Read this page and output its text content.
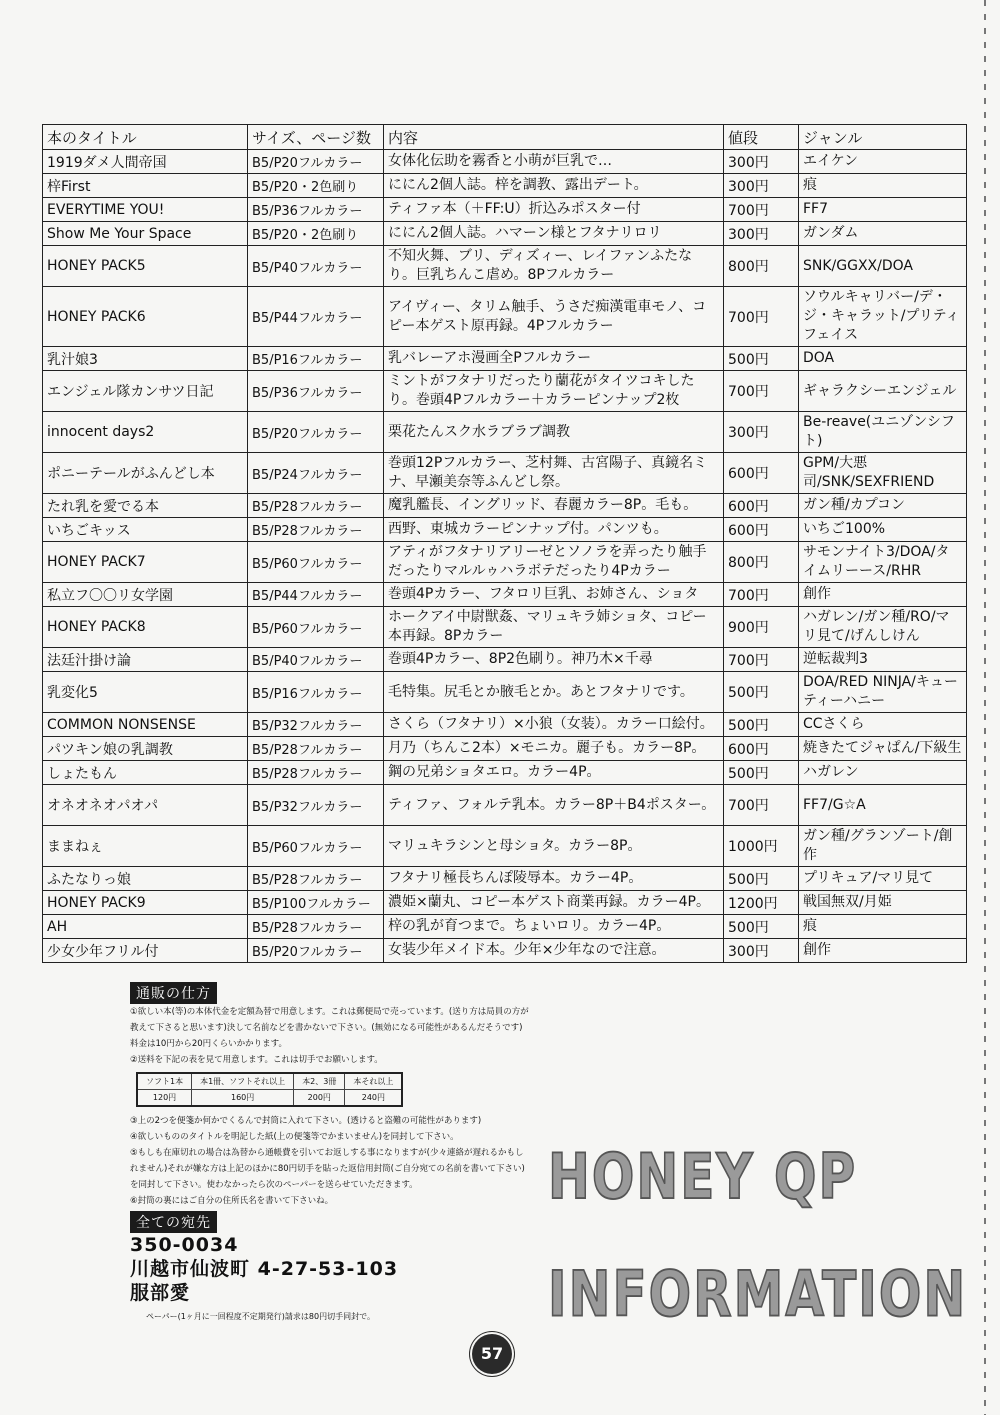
本のタイトル	サイズ、ページ数	内容	値段	ジャンル
1919ダメ人間帝国	B5/P20フルカラー	女体化伝助を霧香と小萌が巨乳で…	300円	エイケン
梓First	B5/P20・2色刷り	ににん2個人誌。梓を調教、露出デート。	300円	痕
EVERYTIME YOU!	B5/P36フルカラー	ティファ本（＋FF:U）折込みポスター付	700円	FF7
Show Me Your Space	B5/P20・2色刷り	ににん2個人誌。ハマーン様とフタナリロリ	300円	ガンダム
HONEY PACK5	B5/P40フルカラー	不知火舞、ブリ、ディズィー、レイファンふたなり。巨乳ちんこ虐め。8Pフルカラー	800円	SNK/GGXX/DOA
HONEY PACK6	B5/P44フルカラー	アイヴィー、タリム触手、うさだ痴漢電車モノ、コピー本ゲスト原再録。4Pフルカラー	700円	ソウルキャリバー/デ・ジ・キャラット/プリティフェイス
乳汁娘3	B5/P16フルカラー	乳バレーアホ漫画全Pフルカラー	500円	DOA
エンジェル隊カンサツ日記	B5/P36フルカラー	ミントがフタナリだったり蘭花がタイツコキしたり。巻頭4Pフルカラー＋カラーピンナップ2枚	700円	ギャラクシーエンジェル
innocent days2	B5/P20フルカラー	栗花たんスク水ラブラブ調教	300円	Be-reave(ユニゾンシフト)
ポニーテールがふんどし本	B5/P24フルカラー	巻頭12Pフルカラー、芝村舞、古宮陽子、真鏡名ミナ、早瀬美奈等ふんどし祭。	600円	GPM/大悪司/SNK/SEXFRIEND
たれ乳を愛でる本	B5/P28フルカラー	魔乳艦長、イングリッド、春麗カラー8P。毛も。	600円	ガン種/カプコン
いちごキッス	B5/P28フルカラー	西野、東城カラーピンナップ付。パンツも。	600円	いちご100%
HONEY PACK7	B5/P60フルカラー	アティがフタナリアリーゼとソノラを弄ったり触手だったりマルルゥハラボテだったり4Pカラー	800円	サモンナイト3/DOA/タイムリーース/RHR
私立フ〇〇リ女学園	B5/P44フルカラー	巻頭4Pカラー、フタロリ巨乳、お姉さん、ショタ	700円	創作
HONEY PACK8	B5/P60フルカラー	ホークアイ中尉獣姦、マリュキラ姉ショタ、コピー本再録。8Pカラー	900円	ハガレン/ガン種/RO/マリ見て/げんしけん
法廷汁掛け論	B5/P40フルカラー	巻頭4Pカラー、8P2色刷り。神乃木×千尋	700円	逆転裁判3
乳変化5	B5/P16フルカラー	毛特集。尻毛とか腋毛とか。あとフタナリです。	500円	DOA/RED NINJA/キューティーハニー
COMMON NONSENSE	B5/P32フルカラー	さくら（フタナリ）×小狼（女装）。カラー口絵付。	500円	CCさくら
パツキン娘の乳調教	B5/P28フルカラー	月乃（ちんこ2本）×モニカ。麗子も。カラー8P。	600円	焼きたてジャぱん/下級生
しょたもん	B5/P28フルカラー	鋼の兄弟ショタエロ。カラー4P。	500円	ハガレン
オネオネオパオパ	B5/P32フルカラー	ティファ、フォルテ乳本。カラー8P＋B4ポスター。	700円	FF7/G☆A
ままねぇ	B5/P60フルカラー	マリュキラシンと母ショタ。カラー8P。	1000円	ガン種/グランゾート/創作
ふたなりっ娘	B5/P28フルカラー	フタナリ極長ちんぽ陵辱本。カラー4P。	500円	プリキュア/マリ見て
HONEY PACK9	B5/P100フルカラー	濃姫×蘭丸、コピー本ゲスト商業再録。カラー4P。	1200円	戦国無双/月姫
AH	B5/P28フルカラー	梓の乳が育つまで。ちょいロリ。カラー4P。	500円	痕
少女少年フリル付	B5/P20フルカラー	女装少年メイド本。少年×少年なので注意。	300円	創作
通販の仕方

①欲しい本(等)の本体代金を定額為替で用意します。これは郵便局で売っています。(送り方は局員の方が教えて下さると思います)決して名前などを書かないで下さい。(無効になる可能性があるんだそうです)料金は10円から20円くらいかかります。

②送料を下記の表を見て用意します。これは切手でお願いします。

ソフト1本	本1冊、ソフトそれ以上	本2、3冊	本それ以上
120円	160円	200円	240円

③上の2つを便箋か何かでくるんで封筒に入れて下さい。(透けると盗難の可能性があります)

④欲しいもののタイトルを明記した紙(上の便箋等でかまいません)を同封して下さい。

⑤もしも在庫切れの場合は為替から通帳費を引いてお返しする事になりますが(少々連絡が遅れるかもしれません)それが嫌な方は上記のほかに80円切手を貼った返信用封筒(ご自分宛ての名前を書いて下さい)を同封して下さい。使わなかったら次のペーパーを送らせていただきます。

⑥封筒の裏にはご自分の住所氏名を書いて下さいね。

全ての宛先
350-0034
川越市仙波町 4-27-53-103
服部愛
ペーパー(1ヶ月に一回程度不定期発行)請求は80円切手同封で。
HONEY QP
INFORMATION
57
